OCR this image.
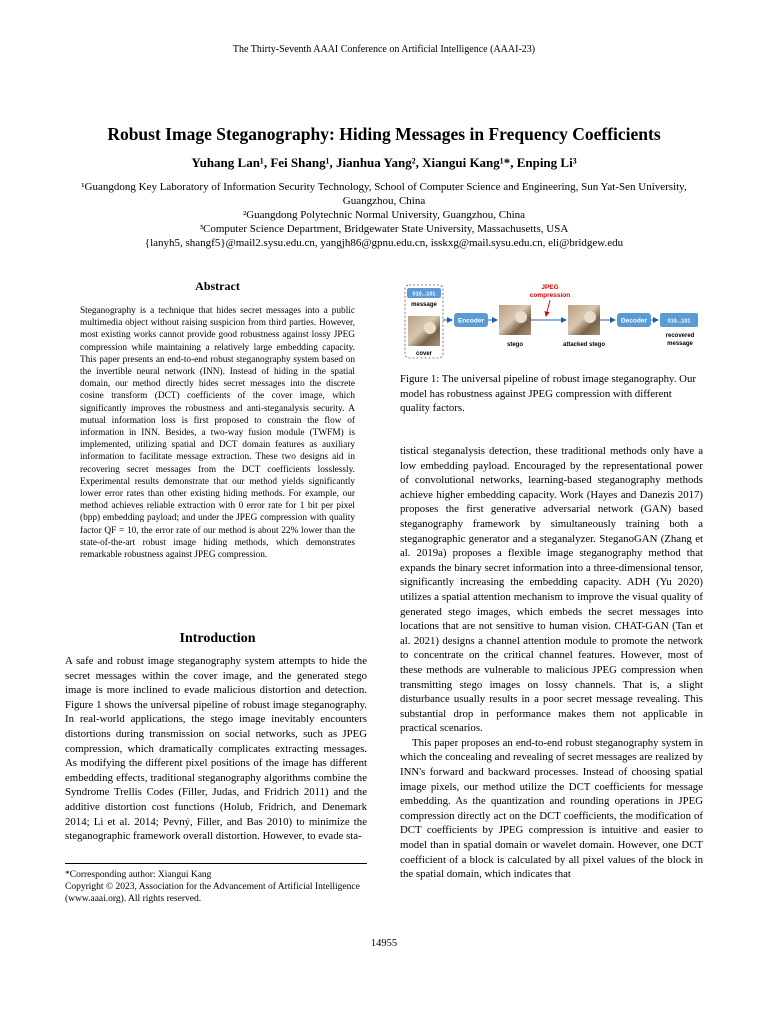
The Thirty-Seventh AAAI Conference on Artificial Intelligence (AAAI-23)
Robust Image Steganography: Hiding Messages in Frequency Coefficients
Yuhang Lan¹, Fei Shang¹, Jianhua Yang², Xiangui Kang¹*, Enping Li³
¹Guangdong Key Laboratory of Information Security Technology, School of Computer Science and Engineering, Sun Yat-Sen University, Guangzhou, China
²Guangdong Polytechnic Normal University, Guangzhou, China
³Computer Science Department, Bridgewater State University, Massachusetts, USA
{lanyh5, shangf5}@mail2.sysu.edu.cn, yangjh86@gpnu.edu.cn, isskxg@mail.sysu.edu.cn, eli@bridgew.edu
Abstract
Steganography is a technique that hides secret messages into a public multimedia object without raising suspicion from third parties. However, most existing works cannot provide good robustness against lossy JPEG compression while maintaining a relatively large embedding capacity. This paper presents an end-to-end robust steganography system based on the invertible neural network (INN). Instead of hiding in the spatial domain, our method directly hides secret messages into the discrete cosine transform (DCT) coefficients of the cover image, which significantly improves the robustness and anti-steganalysis security. A mutual information loss is first proposed to constrain the flow of information in INN. Besides, a two-way fusion module (TWFM) is implemented, utilizing spatial and DCT domain features as auxiliary information to facilitate message extraction. These two designs aid in recovering secret messages from the DCT coefficients losslessly. Experimental results demonstrate that our method yields significantly lower error rates than other existing hiding methods. For example, our method achieves reliable extraction with 0 error rate for 1 bit per pixel (bpp) embedding payload; and under the JPEG compression with quality factor QF = 10, the error rate of our method is about 22% lower than the state-of-the-art robust image hiding methods, which demonstrates remarkable robustness against JPEG compression.
Introduction

A safe and robust image steganography system attempts to hide the secret messages within the cover image, and the generated stego image is more inclined to evade malicious distortion and detection. Figure 1 shows the universal pipeline of robust image steganography. In real-world applications, the stego image inevitably encounters distortions during transmission on social networks, such as JPEG compression, which dramatically complicates extracting messages. As modifying the different pixel positions of the image has different embedding effects, traditional steganography algorithms combine the Syndrome Trellis Codes (Filler, Judas, and Fridrich 2011) and the additive distortion cost functions (Holub, Fridrich, and Denemark 2014; Li et al. 2014; Pevný, Filler, and Bas 2010) to minimize the steganographic framework overall distortion. However, to evade sta-

*Corresponding author: Xiangui Kang
Copyright © 2023, Association for the Advancement of Artificial Intelligence (www.aaai.org). All rights reserved.
010...101
message
cover
Encoder
stego
JPEG
compression
attacked stego
Decoder	010...101
recovered
message
Figure 1: The universal pipeline of robust image steganography. Our model has robustness against JPEG compression with different quality factors.

tistical steganalysis detection, these traditional methods only have a low embedding payload. Encouraged by the representational power of convolutional networks, learning-based steganography methods achieve higher embedding capacity. Work (Hayes and Danezis 2017) proposes the first generative adversarial network (GAN) based steganography framework by simultaneously training both a steganographic generator and a steganalyzer. SteganoGAN (Zhang et al. 2019a) proposes a flexible image steganography method that expands the binary secret information into a three-dimensional tensor, significantly increasing the embedding capacity. ADH (Yu 2020) utilizes a spatial attention mechanism to improve the visual quality of generated stego images, which embeds the secret messages into locations that are not sensitive to human vision. CHAT-GAN (Tan et al. 2021) designs a channel attention module to promote the network to concentrate on the critical channel features. However, most of these methods are vulnerable to malicious JPEG compression when transmitting stego images on lossy channels. That is, a slight disturbance usually results in a poor secret message revealing. This substantial drop in performance makes them not applicable in practical scenarios.

This paper proposes an end-to-end robust steganography system in which the concealing and revealing of secret messages are realized by INN's forward and backward processes. Instead of choosing spatial image pixels, our method utilize the DCT coefficients for message embedding. As the quantization and rounding operations in JPEG compression directly act on the DCT coefficients, the modification of DCT coefficients by JPEG compression is intuitive and easier to model than in spatial domain or wavelet domain. However, one DCT coefficient of a block is calculated by all pixel values of the block in the spatial domain, which indicates that

14955
